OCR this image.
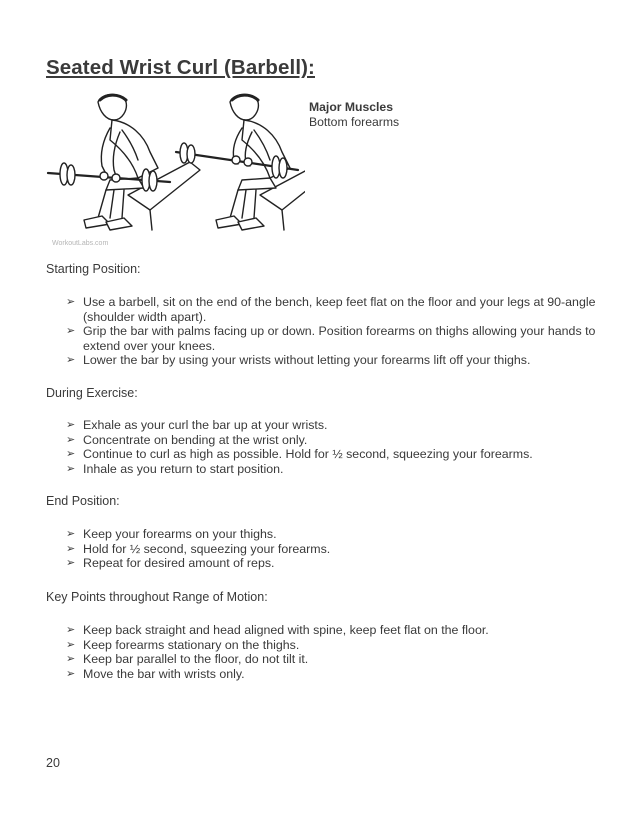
Seated Wrist Curl (Barbell):
WorkoutLabs.com
Major Muscles
Bottom forearms
Starting Position:
➢ Use a barbell, sit on the end of the bench, keep feet flat on the floor and your legs at 90-angle (shoulder width apart).
➢ Grip the bar with palms facing up or down. Position forearms on thighs allowing your hands to extend over your knees.
➢ Lower the bar by using your wrists without letting your forearms lift off your thighs.
During Exercise:
➢ Exhale as your curl the bar up at your wrists.
➢ Concentrate on bending at the wrist only.
➢ Continue to curl as high as possible. Hold for ½ second, squeezing your forearms.
➢ Inhale as you return to start position.
End Position:
➢ Keep your forearms on your thighs.
➢ Hold for ½ second, squeezing your forearms.
➢ Repeat for desired amount of reps.
Key Points throughout Range of Motion:
➢ Keep back straight and head aligned with spine, keep feet flat on the floor.
➢ Keep forearms stationary on the thighs.
➢ Keep bar parallel to the floor, do not tilt it.
➢ Move the bar with wrists only.
20
